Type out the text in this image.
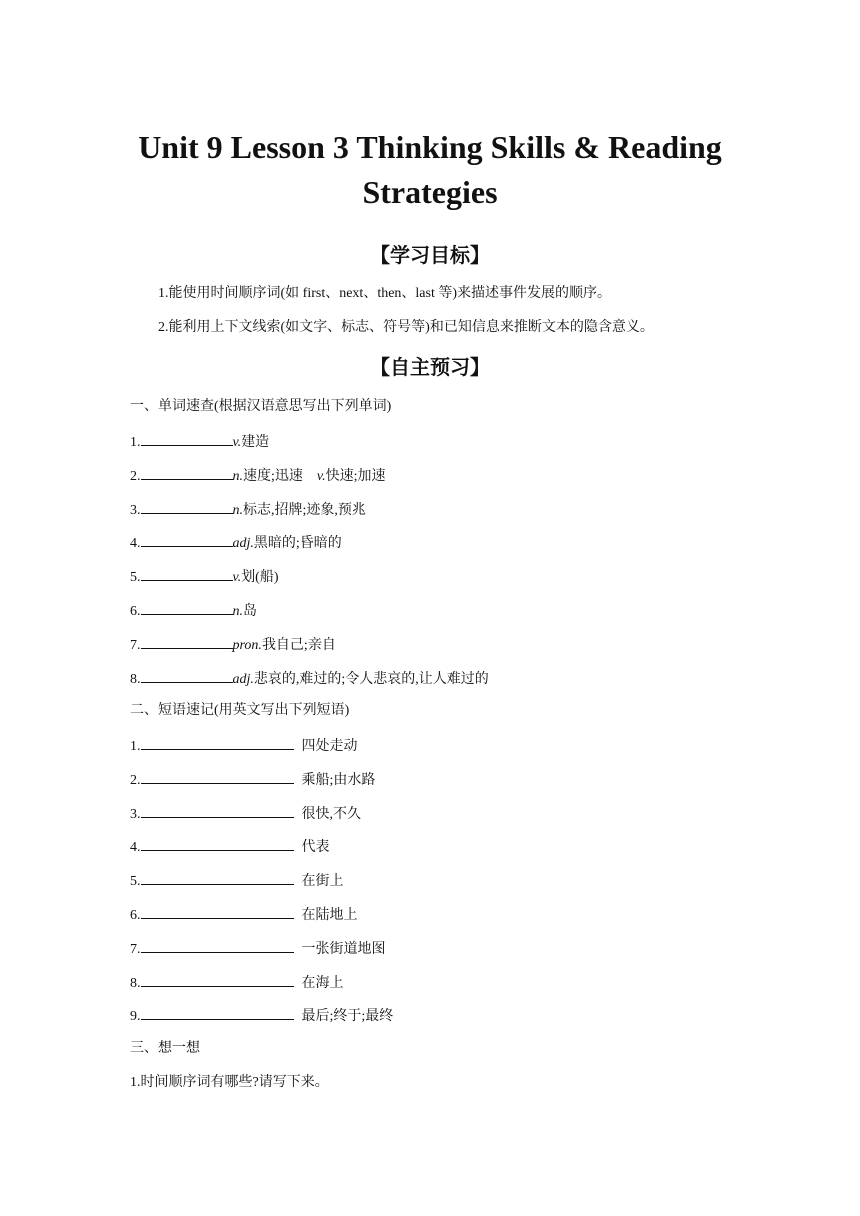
Unit 9 Lesson 3 Thinking Skills & Reading
Strategies
【学习目标】

1.能使用时间顺序词(如 first、next、then、last 等)来描述事件发展的顺序。

2.能利用上下文线索(如文字、标志、符号等)和已知信息来推断文本的隐含意义。

【自主预习】

一、单词速查(根据汉语意思写出下列单词)

1.	v.建造

2.	n.速度;迅速    v.快速;加速

3.	n.标志,招牌;迹象,预兆

4.	adj.黑暗的;昏暗的

5.	v.划(船)

6.	n.岛

7.	pron.我自己;亲自

8.	adj.悲哀的,难过的;令人悲哀的,让人难过的

二、短语速记(用英文写出下列短语)

1.	四处走动

2.	乘船;由水路

3.	很快,不久

4.	代表

5.	在街上

6.	在陆地上

7.	一张街道地图

8.	在海上

9.	最后;终于;最终

三、想一想

1.时间顺序词有哪些?请写下来。
